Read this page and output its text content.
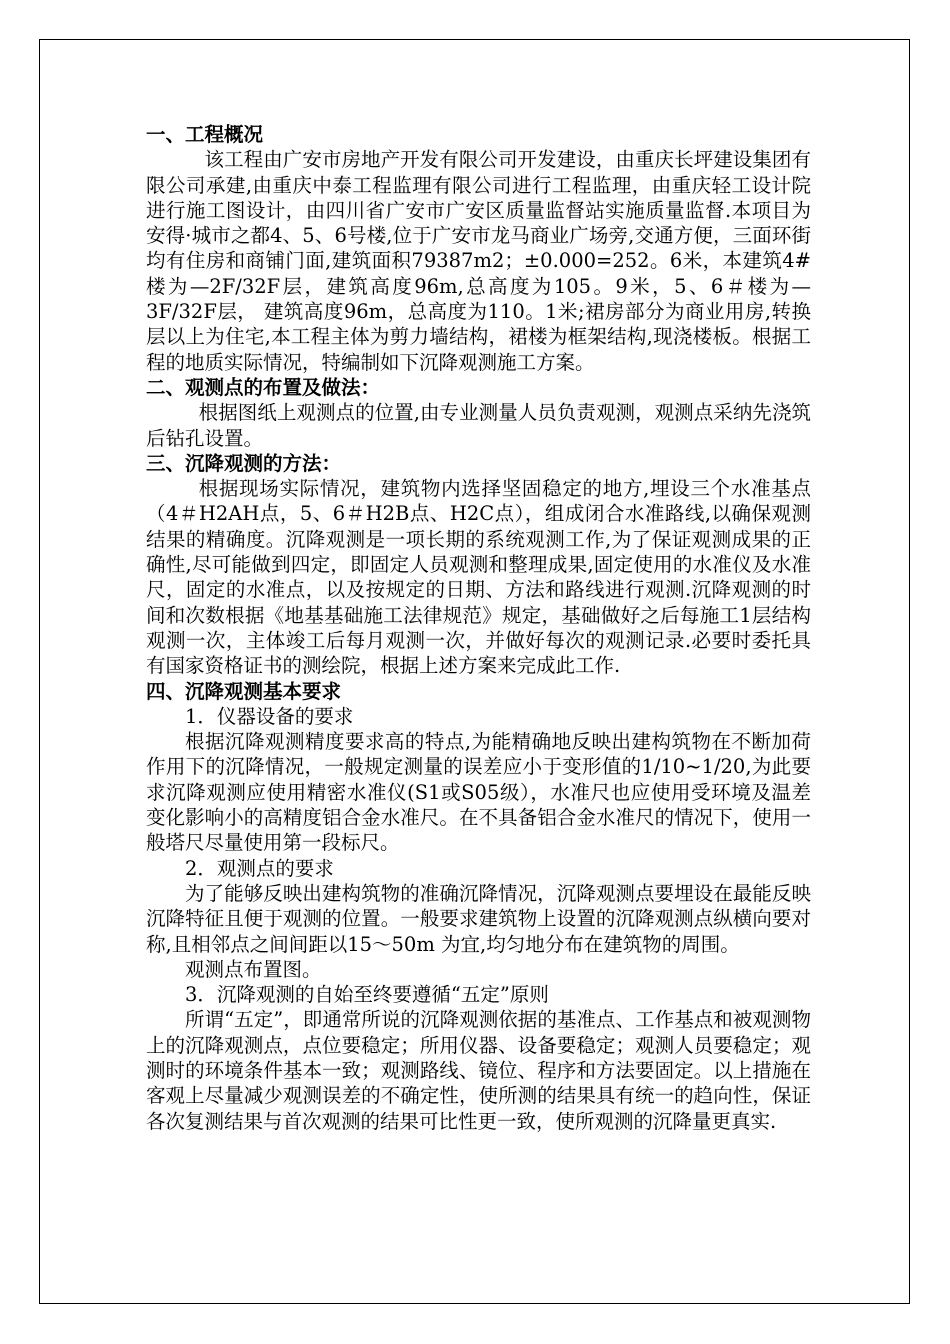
一、工程概况

该工程由广安市房地产开发有限公司开发建设，由重庆长坪建设集团有限公司承建,由重庆中泰工程监理有限公司进行工程监理，由重庆轻工设计院进行施工图设计，由四川省广安市广安区质量监督站实施质量监督.本项目为安得·城市之都4、5、6号楼,位于广安市龙马商业广场旁,交通方便，三面环街均有住房和商铺门面,建筑面积79387m2；±0.000=252。6米，本建筑4#楼为—2F/32F层，建筑高度96m,总高度为105。9米，5、6＃楼为—3F/32F层， 建筑高度96m，总高度为110。1米;裙房部分为商业用房,转换层以上为住宅,本工程主体为剪力墙结构，裙楼为框架结构,现浇楼板。根据工程的地质实际情况，特编制如下沉降观测施工方案。

二、观测点的布置及做法：

根据图纸上观测点的位置,由专业测量人员负责观测，观测点采纳先浇筑后钻孔设置。

三、沉降观测的方法：

根据现场实际情况，建筑物内选择坚固稳定的地方,埋设三个水准基点（4＃H2AH点，5、6＃H2B点、H2C点），组成闭合水准路线,以确保观测结果的精确度。沉降观测是一项长期的系统观测工作,为了保证观测成果的正确性,尽可能做到四定，即固定人员观测和整理成果,固定使用的水准仪及水准尺，固定的水准点，以及按规定的日期、方法和路线进行观测.沉降观测的时间和次数根据《地基基础施工法律规范》规定，基础做好之后每施工1层结构观测一次，主体竣工后每月观测一次，并做好每次的观测记录.必要时委托具有国家资格证书的测绘院，根据上述方案来完成此工作.

四、沉降观测基本要求

1．仪器设备的要求

根据沉降观测精度要求高的特点,为能精确地反映出建构筑物在不断加荷作用下的沉降情况，一般规定测量的误差应小于变形值的1/10~1/20,为此要求沉降观测应使用精密水准仪(S1或S05级），水准尺也应使用受环境及温差变化影响小的高精度铝合金水准尺。在不具备铝合金水准尺的情况下，使用一般塔尺尽量使用第一段标尺。

2．观测点的要求

为了能够反映出建构筑物的准确沉降情况，沉降观测点要埋设在最能反映沉降特征且便于观测的位置。一般要求建筑物上设置的沉降观测点纵横向要对称,且相邻点之间间距以15～50m 为宜,均匀地分布在建筑物的周围。

观测点布置图。

3．沉降观测的自始至终要遵循“五定”原则

所谓“五定”，即通常所说的沉降观测依据的基准点、工作基点和被观测物上的沉降观测点，点位要稳定；所用仪器、设备要稳定；观测人员要稳定；观测时的环境条件基本一致；观测路线、镜位、程序和方法要固定。以上措施在客观上尽量减少观测误差的不确定性，使所测的结果具有统一的趋向性，保证各次复测结果与首次观测的结果可比性更一致，使所观测的沉降量更真实.
